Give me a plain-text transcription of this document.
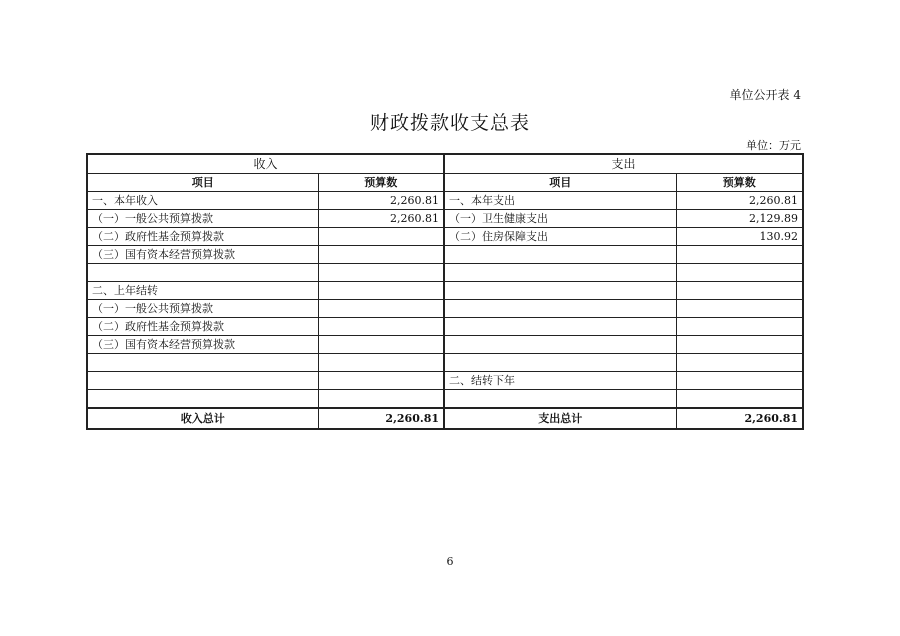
单位公开表 4
财政拨款收支总表
单位：万元
收入		支出	
项目	预算数	项目	预算数
一、本年收入	2,260.81	一、本年支出	2,260.81
（一）一般公共预算拨款	2,260.81	（一）卫生健康支出	2,129.89
（二）政府性基金预算拨款		（二）住房保障支出	130.92
（三）国有资本经营预算拨款			

二、上年结转			
（一）一般公共预算拨款			
（二）政府性基金预算拨款			
（三）国有资本经营预算拨款			

		二、结转下年	

收入总计	2,260.81	支出总计	2,260.81
6
